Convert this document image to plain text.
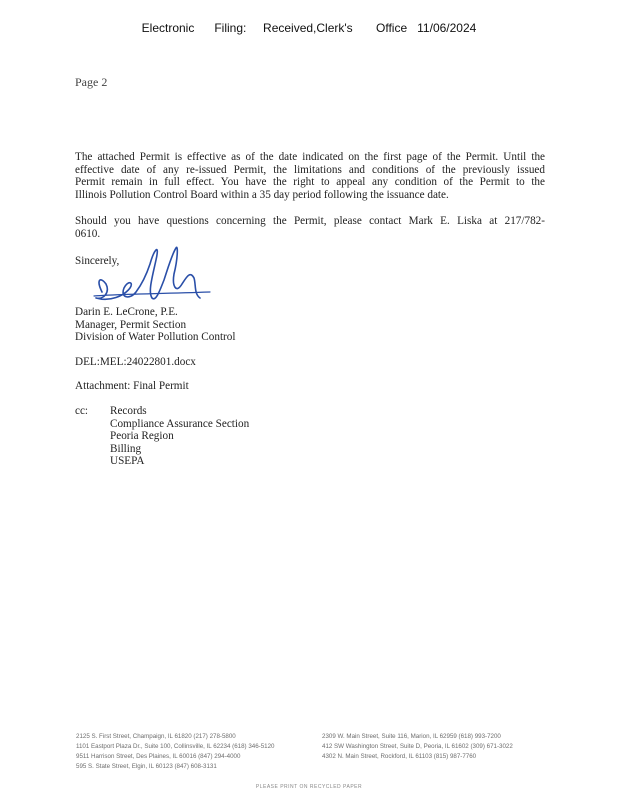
Electronic      Filing:     Received,Clerk's       Office   11/06/2024
Page 2
The attached Permit is effective as of the date indicated on the first page of the Permit. Until the
effective date of any re-issued Permit, the limitations and conditions of the previously issued
Permit remain in full effect. You have the right to appeal any condition of the Permit to the
Illinois Pollution Control Board within a 35 day period following the issuance date.
Should you have questions concerning the Permit, please contact Mark E. Liska at 217/782-
0610.
Sincerely,
Darin E. LeCrone, P.E.
Manager, Permit Section
Division of Water Pollution Control
DEL:MEL:24022801.docx
Attachment: Final Permit
cc: Records
Compliance Assurance Section
Peoria Region
Billing
USEPA
2125 S. First Street, Champaign, IL 61820 (217) 278-5800
1101 Eastport Plaza Dr., Suite 100, Collinsville, IL 62234 (618) 346-5120
9511 Harrison Street, Des Plaines, IL 60016 (847) 294-4000
595 S. State Street, Elgin, IL 60123 (847) 608-3131
2309 W. Main Street, Suite 116, Marion, IL 62959 (618) 993-7200
412 SW Washington Street, Suite D, Peoria, IL 61602 (309) 671-3022
4302 N. Main Street, Rockford, IL 61103 (815) 987-7760
PLEASE PRINT ON RECYCLED PAPER
